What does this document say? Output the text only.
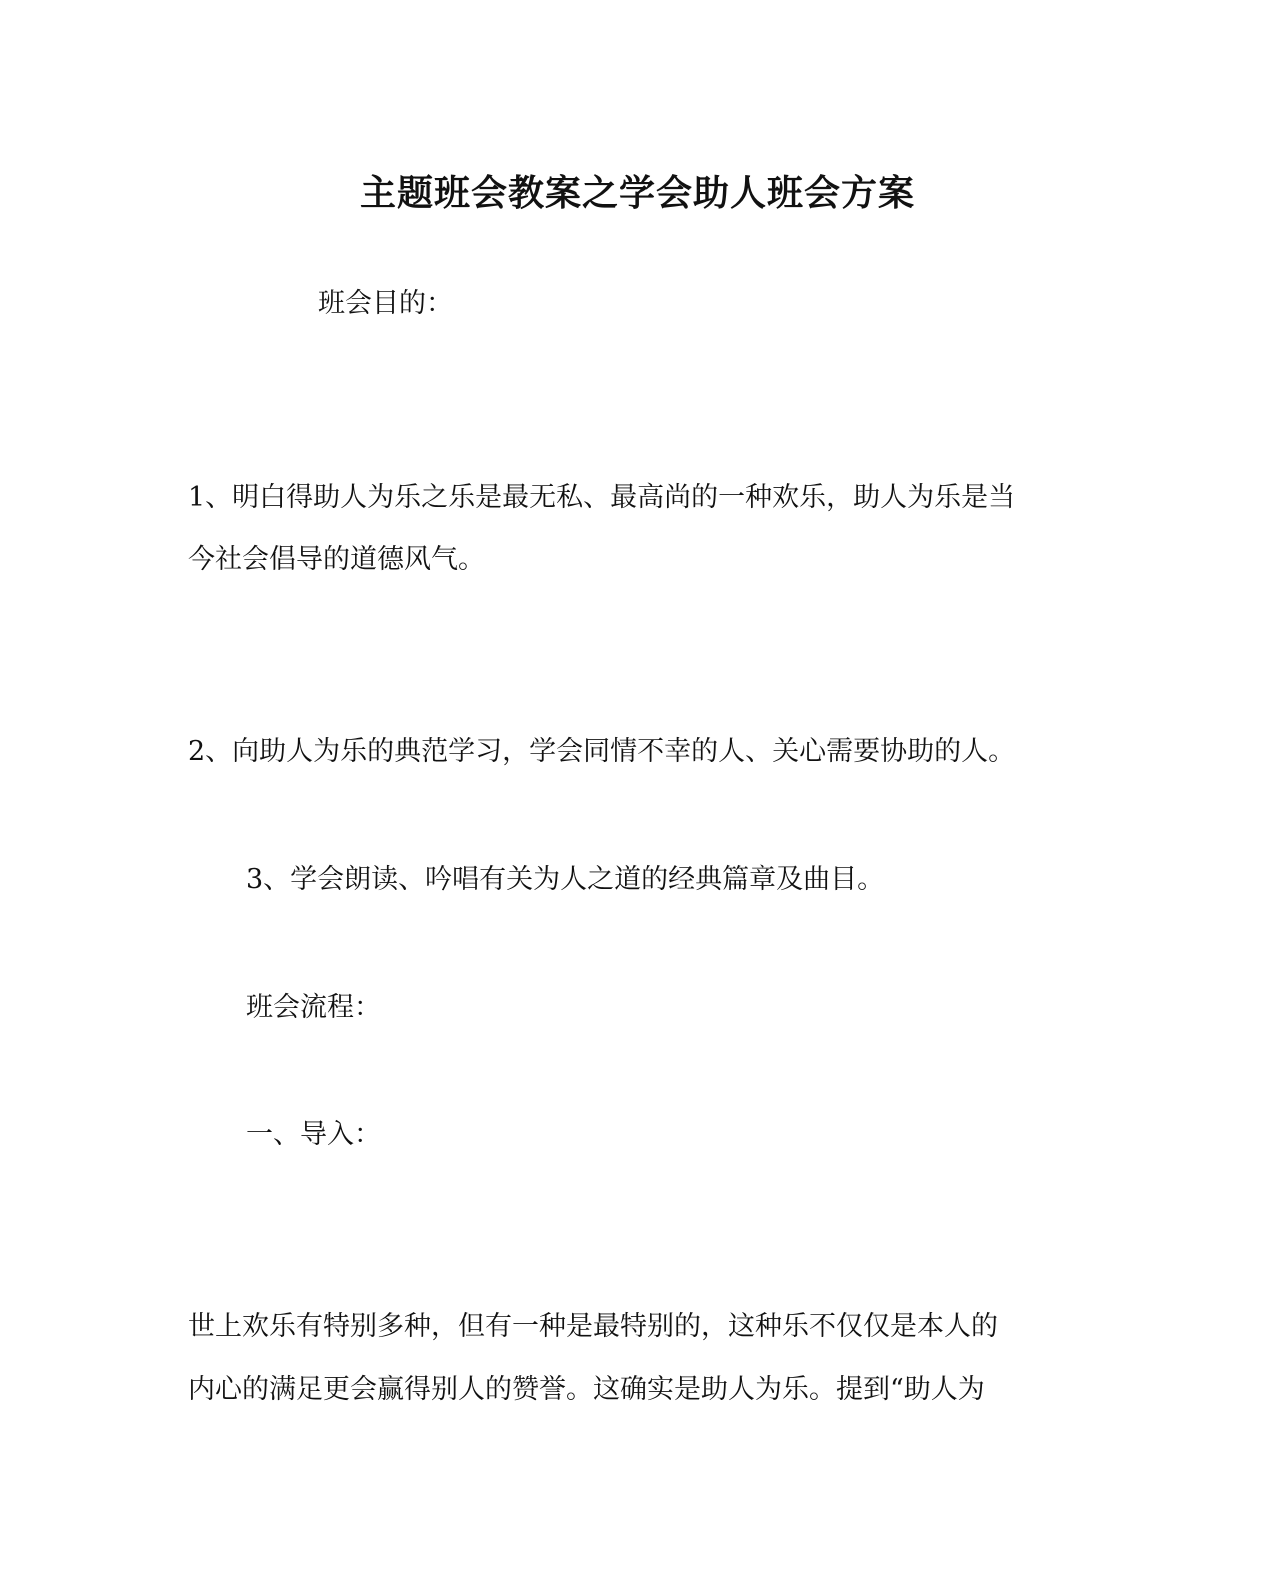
主题班会教案之学会助人班会方案
班会目的：
1、明白得助人为乐之乐是最无私、最高尚的一种欢乐，助人为乐是当
今社会倡导的道德风气。
2、向助人为乐的典范学习，学会同情不幸的人、关心需要协助的人。
3、学会朗读、吟唱有关为人之道的经典篇章及曲目。
班会流程：
一、导入：
世上欢乐有特别多种，但有一种是最特别的，这种乐不仅仅是本人的
内心的满足更会赢得别人的赞誉。这确实是助人为乐。提到“助人为
